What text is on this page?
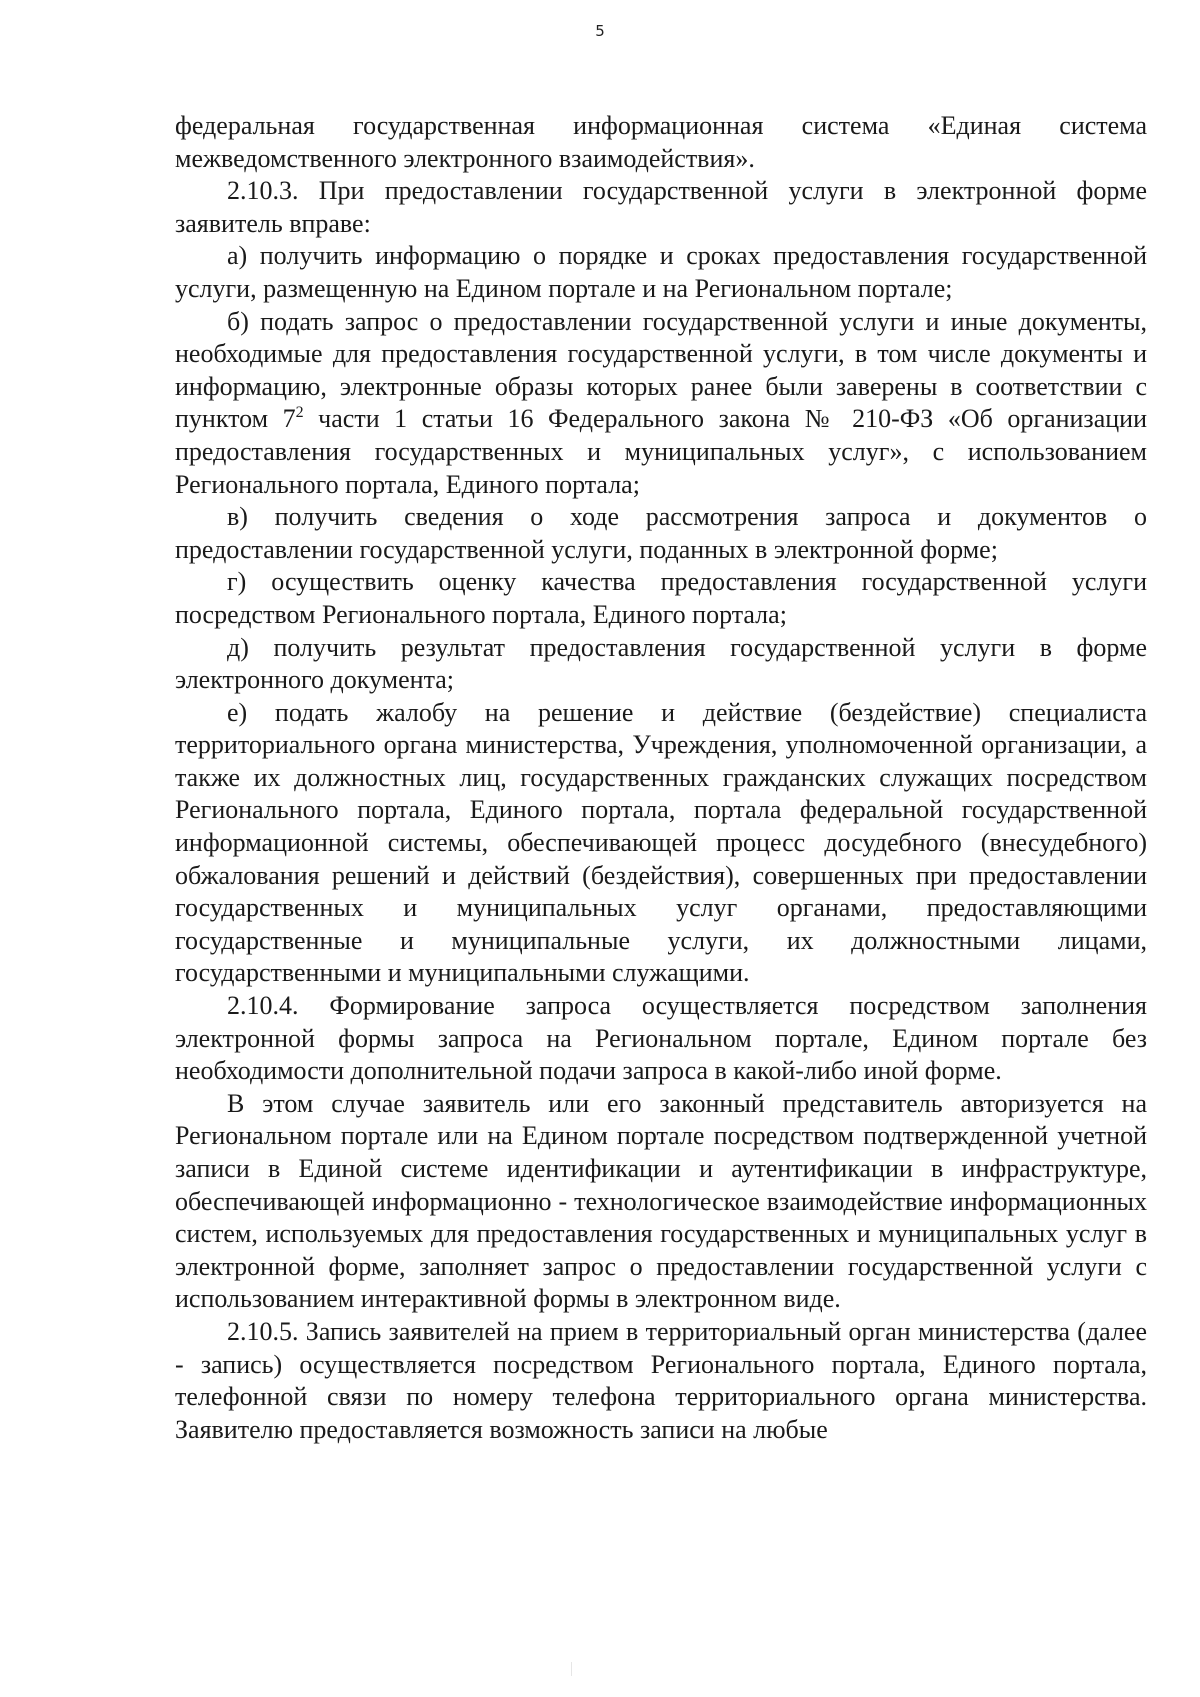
5

федеральная государственная информационная система «Единая система межведомственного электронного взаимодействия».

2.10.3. При предоставлении государственной услуги в электронной форме заявитель вправе:

а) получить информацию о порядке и сроках предоставления государственной услуги, размещенную на Едином портале и на Региональном портале;

б) подать запрос о предоставлении государственной услуги и иные документы, необходимые для предоставления государственной услуги, в том числе документы и информацию, электронные образы которых ранее были заверены в соответствии с пунктом $7^2$ части 1 статьи 16 Федерального закона № 210-ФЗ «Об организации предоставления государственных и муниципальных услуг», с использованием Регионального портала, Единого портала;

в) получить сведения о ходе рассмотрения запроса и документов о предоставлении государственной услуги, поданных в электронной форме;

г) осуществить оценку качества предоставления государственной услуги посредством Регионального портала, Единого портала;

д) получить результат предоставления государственной услуги в форме электронного документа;

е) подать жалобу на решение и действие (бездействие) специалиста территориального органа министерства, Учреждения, уполномоченной организации, а также их должностных лиц, государственных гражданских служащих посредством Регионального портала, Единого портала, портала федеральной государственной информационной системы, обеспечивающей процесс досудебного (внесудебного) обжалования решений и действий (бездействия), совершенных при предоставлении государственных и муниципальных услуг органами, предоставляющими государственные и муниципальные услуги, их должностными лицами, государственными и муниципальными служащими.

2.10.4. Формирование запроса осуществляется посредством заполнения электронной формы запроса на Региональном портале, Едином портале без необходимости дополнительной подачи запроса в какой-либо иной форме.

В этом случае заявитель или его законный представитель авторизуется на Региональном портале или на Едином портале посредством подтвержденной учетной записи в Единой системе идентификации и аутентификации в инфраструктуре, обеспечивающей информационно - технологическое взаимодействие информационных систем, используемых для предоставления государственных и муниципальных услуг в электронной форме, заполняет запрос о предоставлении государственной услуги с использованием интерактивной формы в электронном виде.

2.10.5. Запись заявителей на прием в территориальный орган министерства (далее - запись) осуществляется посредством Регионального портала, Единого портала, телефонной связи по номеру телефона территориального органа министерства. Заявителю предоставляется возможность записи на любые
